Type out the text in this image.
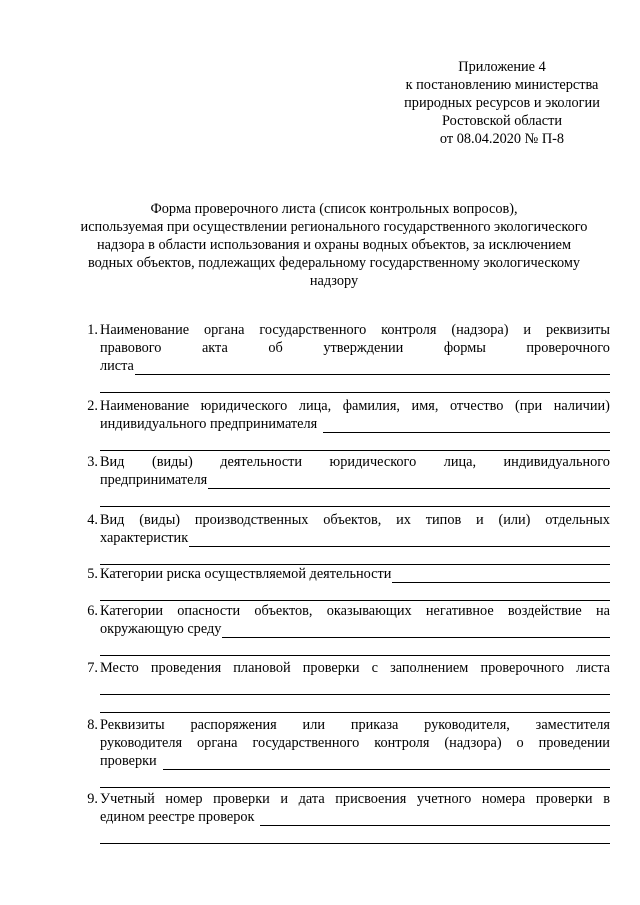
Приложение 4
к постановлению министерства
природных ресурсов и экологии
Ростовской области
от 08.04.2020 № П-8
Форма проверочного листа (список контрольных вопросов),
используемая при осуществлении регионального государственного экологического
надзора в области использования и охраны водных объектов, за исключением
водных объектов, подлежащих федеральному государственному экологическому
надзору
1. Наименование органа государственного контроля (надзора) и реквизиты
правового	акта	об	утверждении	формы	проверочного
листа
2. Наименование юридического лица, фамилия, имя, отчество (при наличии)
индивидуального предпринимателя
3. Вид (виды) деятельности юридического лица, индивидуального
предпринимателя
4. Вид (виды) производственных объектов, их типов и (или) отдельных
характеристик
5. Категории риска осуществляемой деятельности
6. Категории опасности объектов, оказывающих негативное воздействие на
окружающую среду
7. Место проведения плановой проверки с заполнением проверочного листа
8. Реквизиты распоряжения или приказа руководителя, заместителя
руководителя органа государственного контроля (надзора) о проведении
проверки
9. Учетный номер проверки и дата присвоения учетного номера проверки в
едином реестре проверок
